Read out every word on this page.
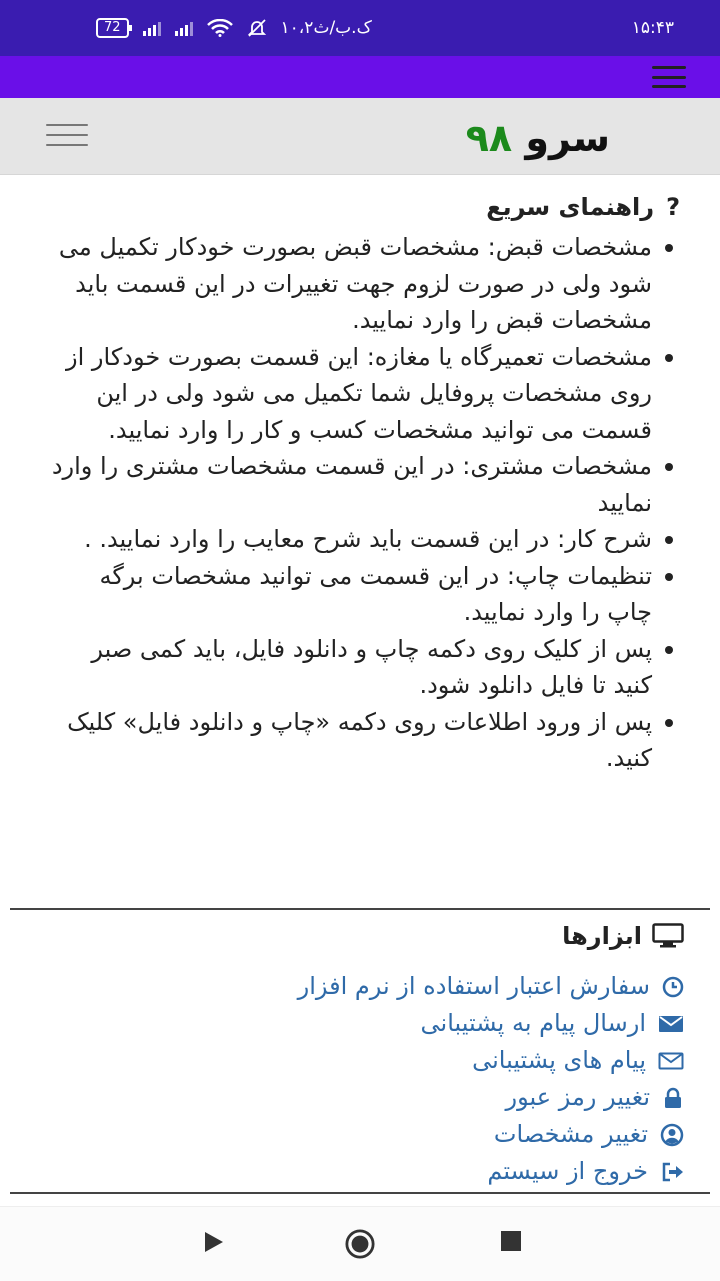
72	۱۰،۲ک.ب/ث	۱۵:۴۳
سرو ۹۸
?
راهنمای سریع
مشخصات قبض: مشخصات قبض بصورت خودکار تکمیل می شود ولی در صورت لزوم جهت تغییرات در این قسمت باید مشخصات قبض را وارد نمایید.
مشخصات تعمیرگاه یا مغازه: این قسمت بصورت خودکار از روی مشخصات پروفایل شما تکمیل می شود ولی در این قسمت می توانید مشخصات کسب و کار را وارد نمایید.
مشخصات مشتری: در این قسمت مشخصات مشتری را وارد نمایید
شرح کار: در این قسمت باید شرح معایب را وارد نمایید. .
تنظیمات چاپ: در این قسمت می توانید مشخصات برگه چاپ را وارد نمایید.
پس از کلیک روی دکمه چاپ و دانلود فایل، باید کمی صبر کنید تا فایل دانلود شود.
پس از ورود اطلاعات روی دکمه «چاپ و دانلود فایل» کلیک کنید.
ابزارها
سفارش اعتبار استفاده از نرم افزار
ارسال پیام به پشتیبانی
پیام های پشتیبانی
تغییر رمز عبور
تغییر مشخصات
خروج از سیستم
